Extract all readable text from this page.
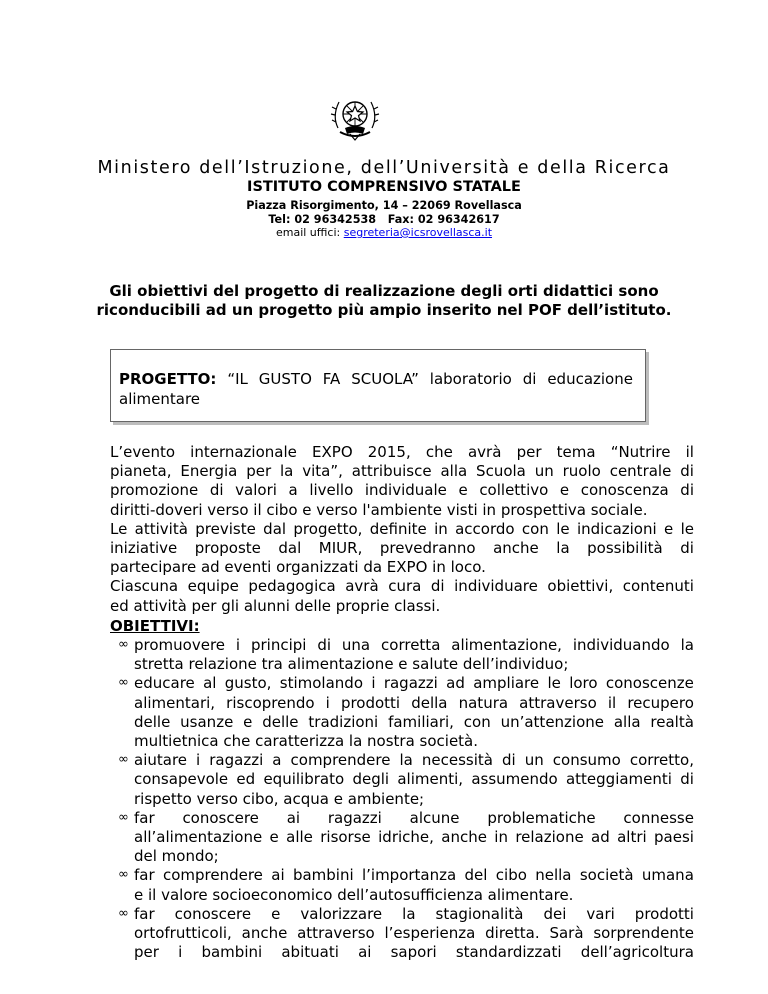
Ministero dell’Istruzione, dell’Università e della Ricerca
ISTITUTO COMPRENSIVO STATALE
Piazza Risorgimento, 14 – 22069 Rovellasca
Tel: 02 96342538   Fax: 02 96342617
email uffici: segreteria@icsrovellasca.it
Gli obiettivi del progetto di realizzazione degli orti didattici sono
riconducibili ad un progetto più ampio inserito nel POF dell’istituto.
PROGETTO: “IL GUSTO FA SCUOLA” laboratorio di educazione
alimentare
L’evento internazionale EXPO 2015, che avrà per tema “Nutrire il
pianeta, Energia per la vita”, attribuisce alla Scuola un ruolo centrale di
promozione di valori a livello individuale e collettivo e conoscenza di
diritti-doveri verso il cibo e verso l'ambiente visti in prospettiva sociale.
Le attività previste dal progetto, definite in accordo con le indicazioni e le
iniziative proposte dal MIUR, prevedranno anche la possibilità di
partecipare ad eventi organizzati da EXPO in loco.
Ciascuna equipe pedagogica avrà cura di individuare obiettivi, contenuti
ed attività per gli alunni delle proprie classi.
OBIETTIVI:
∞ promuovere i principi di una corretta alimentazione, individuando la
stretta relazione tra alimentazione e salute dell’individuo;
∞ educare al gusto, stimolando i ragazzi ad ampliare le loro conoscenze
alimentari, riscoprendo i prodotti della natura attraverso il recupero
delle usanze e delle tradizioni familiari, con un’attenzione alla realtà
multietnica che caratterizza la nostra società.
∞ aiutare i ragazzi a comprendere la necessità di un consumo corretto,
consapevole ed equilibrato degli alimenti, assumendo atteggiamenti di
rispetto verso cibo, acqua e ambiente;
∞ far conoscere ai ragazzi alcune problematiche connesse
all’alimentazione e alle risorse idriche, anche in relazione ad altri paesi
del mondo;
∞ far comprendere ai bambini l’importanza del cibo nella società umana
e il valore socioeconomico dell’autosufficienza alimentare.
∞ far conoscere e valorizzare la stagionalità dei vari prodotti
ortofrutticoli, anche attraverso l’esperienza diretta. Sarà sorprendente
per i bambini abituati ai sapori standardizzati dell’agricoltura
